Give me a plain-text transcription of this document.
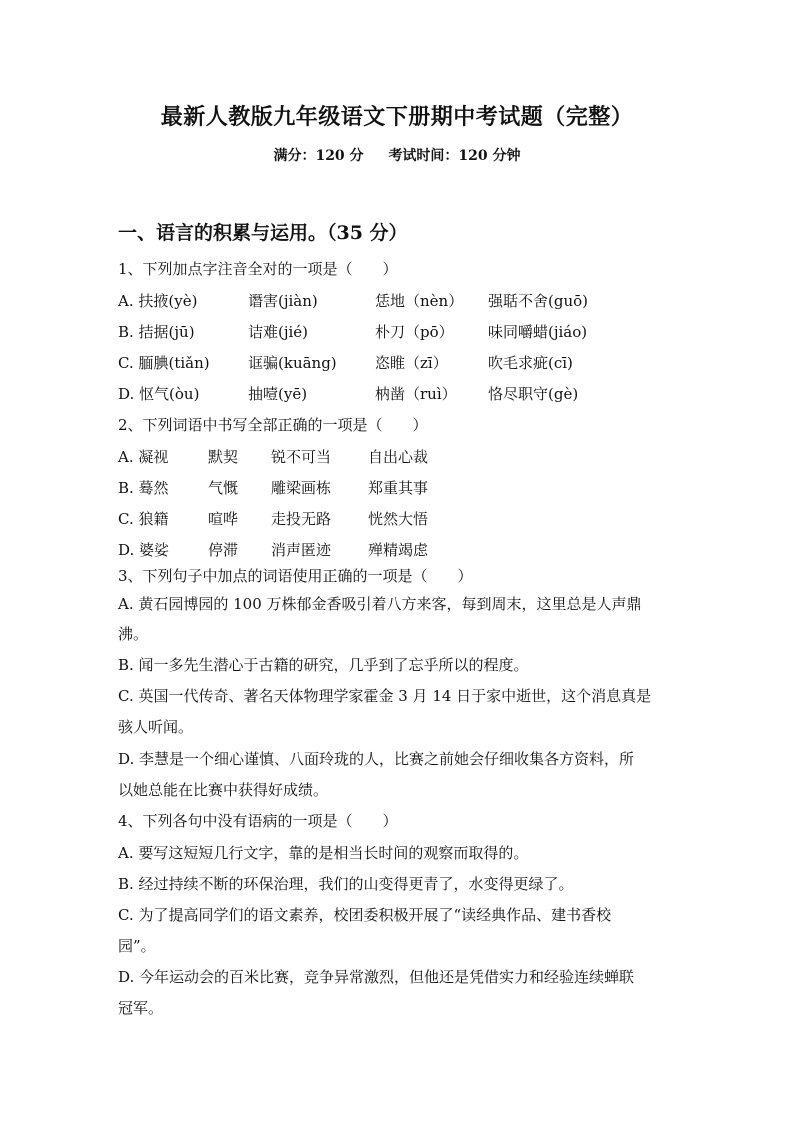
最新人教版九年级语文下册期中考试题（完整）
满分：120 分 考试时间：120 分钟
一、语言的积累与运用。（35 分）
1、下列加点字注音全对的一项是（　　）
A. 扶掖(yè)	谮害(jiàn)	恁地（nèn） 强聒不舍(guō)
B. 拮据(jū)	诘难(jié)	朴刀（pō） 味同嚼蜡(jiáo)
C. 腼腆(tiǎn)	诓骗(kuāng)	恣睢（zī）	吹毛求疵(cī)
D. 怄气(òu)	抽噎(yē)	枘凿（ruì） 恪尽职守(gè)
2、下列词语中书写全部正确的一项是（　　）
A. 凝视	默契 锐不可当 自出心裁
B. 蓦然	气慨 雕梁画栋 郑重其事
C. 狼籍	喧哗 走投无路 恍然大悟
D. 婆娑	停滞 消声匿迹 殚精竭虑
3、下列句子中加点的词语使用正确的一项是（　　）
A. 黄石园博园的 100 万株郁金香吸引着八方来客，每到周末，这里总是人声鼎
沸。
B. 闻一多先生潜心于古籍的研究，几乎到了忘乎所以的程度。
C. 英国一代传奇、著名天体物理学家霍金 3 月 14 日于家中逝世，这个消息真是
骇人听闻。
D. 李慧是一个细心谨慎、八面玲珑的人，比赛之前她会仔细收集各方资料，所
以她总能在比赛中获得好成绩。
4、下列各句中没有语病的一项是（　　）
A. 要写这短短几行文字，靠的是相当长时间的观察而取得的。
B. 经过持续不断的环保治理，我们的山变得更青了，水变得更绿了。
C. 为了提高同学们的语文素养，校团委积极开展了“读经典作品、建书香校
园”。
D. 今年运动会的百米比赛，竞争异常激烈，但他还是凭借实力和经验连续蝉联
冠军。
